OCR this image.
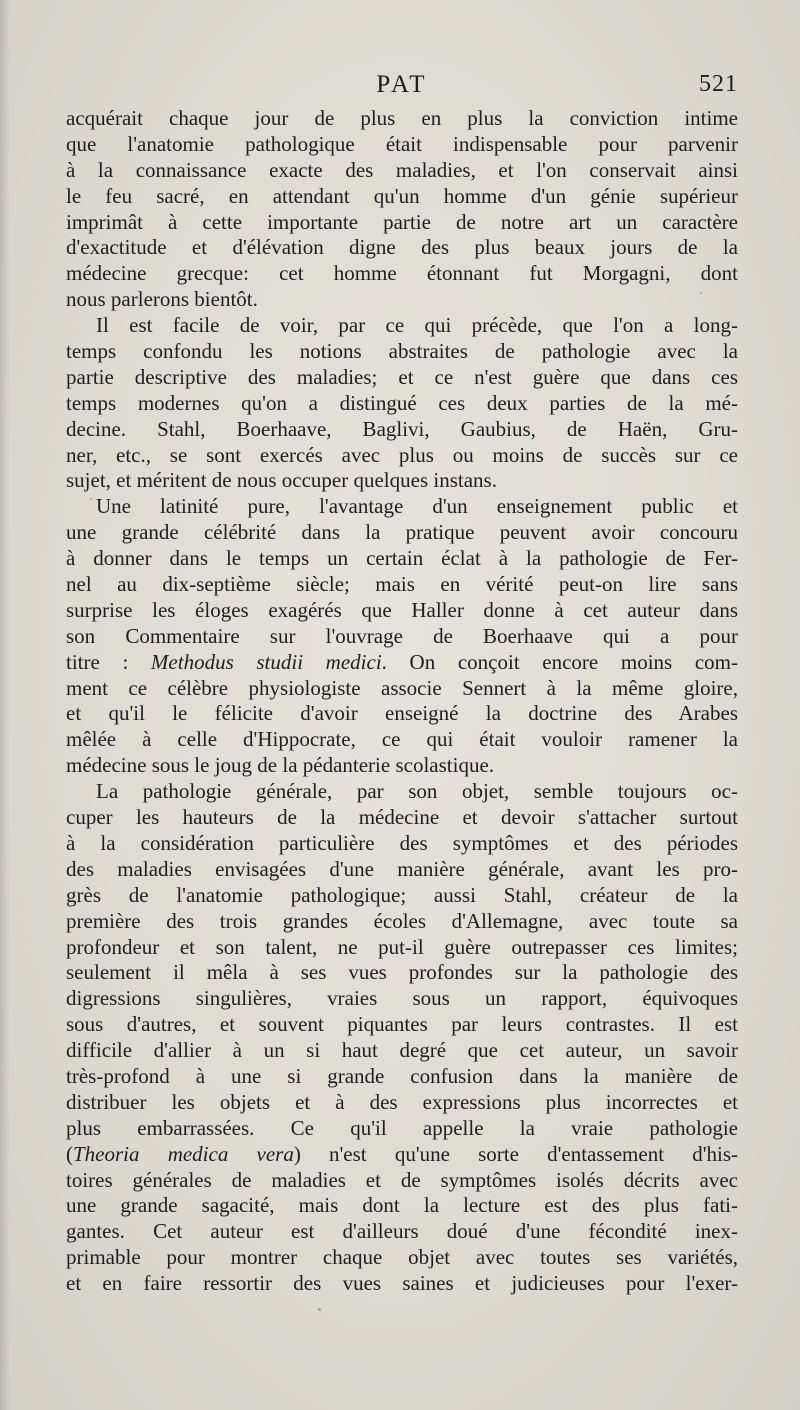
PAT	521
acquérait chaque jour de plus en plus la conviction intime
que l'anatomie pathologique était indispensable pour parvenir
à la connaissance exacte des maladies, et l'on conservait ainsi
le feu sacré, en attendant qu'un homme d'un génie supérieur
imprimât à cette importante partie de notre art un caractère
d'exactitude et d'élévation digne des plus beaux jours de la
médecine grecque: cet homme étonnant fut Morgagni, dont
nous parlerons bientôt.
Il est facile de voir, par ce qui précède, que l'on a long-
temps confondu les notions abstraites de pathologie avec la
partie descriptive des maladies; et ce n'est guère que dans ces
temps modernes qu'on a distingué ces deux parties de la mé-
decine. Stahl, Boerhaave, Baglivi, Gaubius, de Haën, Gru-
ner, etc., se sont exercés avec plus ou moins de succès sur ce
sujet, et méritent de nous occuper quelques instans.
Une latinité pure, l'avantage d'un enseignement public et
une grande célébrité dans la pratique peuvent avoir concouru
à donner dans le temps un certain éclat à la pathologie de Fer-
nel au dix-septième siècle; mais en vérité peut-on lire sans
surprise les éloges exagérés que Haller donne à cet auteur dans
son Commentaire sur l'ouvrage de Boerhaave qui a pour
titre : Methodus studii medici. On conçoit encore moins com-
ment ce célèbre physiologiste associe Sennert à la même gloire,
et qu'il le félicite d'avoir enseigné la doctrine des Arabes
mêlée à celle d'Hippocrate, ce qui était vouloir ramener la
médecine sous le joug de la pédanterie scolastique.
La pathologie générale, par son objet, semble toujours oc-
cuper les hauteurs de la médecine et devoir s'attacher surtout
à la considération particulière des symptômes et des périodes
des maladies envisagées d'une manière générale, avant les pro-
grès de l'anatomie pathologique; aussi Stahl, créateur de la
première des trois grandes écoles d'Allemagne, avec toute sa
profondeur et son talent, ne put-il guère outrepasser ces limites;
seulement il mêla à ses vues profondes sur la pathologie des
digressions singulières, vraies sous un rapport, équivoques
sous d'autres, et souvent piquantes par leurs contrastes. Il est
difficile d'allier à un si haut degré que cet auteur, un savoir
très-profond à une si grande confusion dans la manière de
distribuer les objets et à des expressions plus incorrectes et
plus embarrassées. Ce qu'il appelle la vraie pathologie
(Theoria medica vera) n'est qu'une sorte d'entassement d'his-
toires générales de maladies et de symptômes isolés décrits avec
une grande sagacité, mais dont la lecture est des plus fati-
gantes. Cet auteur est d'ailleurs doué d'une fécondité inex-
primable pour montrer chaque objet avec toutes ses variétés,
et en faire ressortir des vues saines et judicieuses pour l'exer-
